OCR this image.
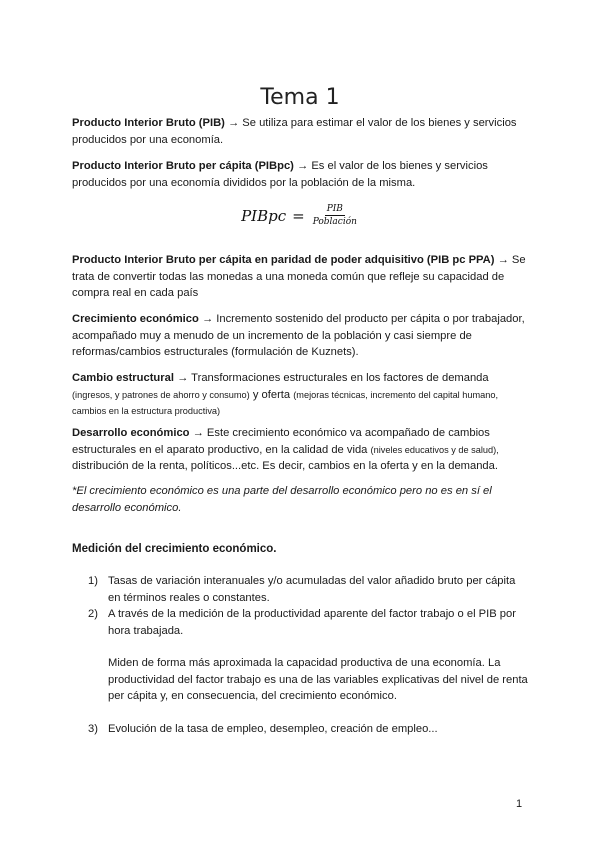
Tema 1

Producto Interior Bruto (PIB) → Se utiliza para estimar el valor de los bienes y servicios producidos por una economía.

Producto Interior Bruto per cápita (PIBpc) → Es el valor de los bienes y servicios producidos por una economía divididos por la población de la misma.

PIBpc = $\frac{\text{PIB}}{\text{Población}}$

Producto Interior Bruto per cápita en paridad de poder adquisitivo (PIB pc PPA) → Se trata de convertir todas las monedas a una moneda común que refleje su capacidad de compra real en cada país

Crecimiento económico → Incremento sostenido del producto per cápita o por trabajador, acompañado muy a menudo de un incremento de la población y casi siempre de reformas/cambios estructurales (formulación de Kuznets).

Cambio estructural → Transformaciones estructurales en los factores de demanda (ingresos, y patrones de ahorro y consumo) y oferta (mejoras técnicas, incremento del capital humano, cambios en la estructura productiva)

Desarrollo económico → Este crecimiento económico va acompañado de cambios estructurales en el aparato productivo, en la calidad de vida (niveles educativos y de salud), distribución de la renta, políticos...etc. Es decir, cambios en la oferta y en la demanda.

*El crecimiento económico es una parte del desarrollo económico pero no es en sí el desarrollo económico.

Medición del crecimiento económico.

1) Tasas de variación interanuales y/o acumuladas del valor añadido bruto per cápita en términos reales o constantes.
2) A través de la medición de la productividad aparente del factor trabajo o el PIB por hora trabajada.
Miden de forma más aproximada la capacidad productiva de una economía. La productividad del factor trabajo es una de las variables explicativas del nivel de renta per cápita y, en consecuencia, del crecimiento económico.
3) Evolución de la tasa de empleo, desempleo, creación de empleo...
1
